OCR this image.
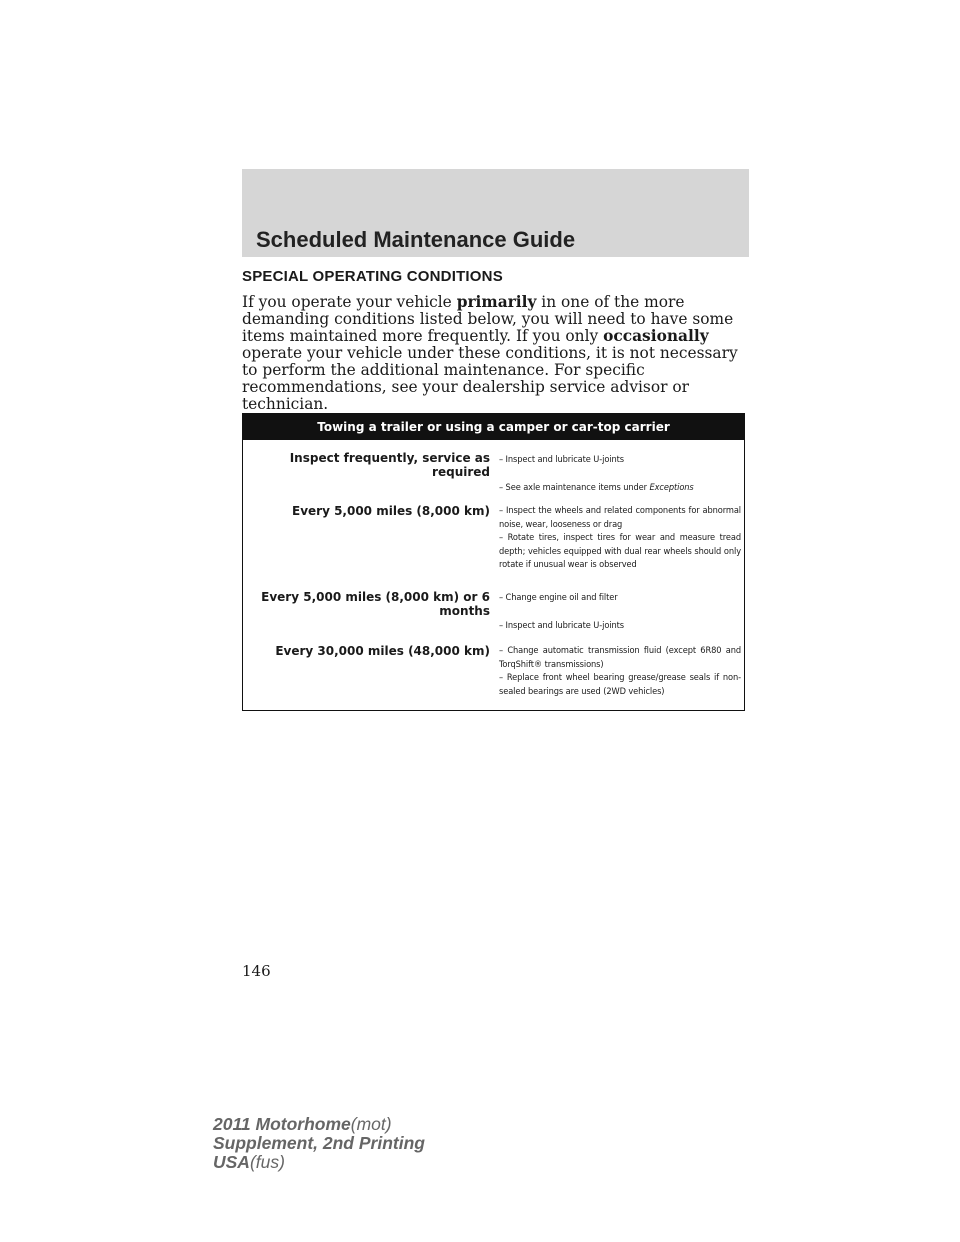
Scheduled Maintenance Guide
SPECIAL OPERATING CONDITIONS

If you operate your vehicle primarily in one of the more demanding conditions listed below, you will need to have some items maintained more frequently. If you only occasionally operate your vehicle under these conditions, it is not necessary to perform the additional maintenance. For specific recommendations, see your dealership service advisor or technician.

Towing a trailer or using a camper or car-top carrier
Inspect frequently, service as required
– Inspect and lubricate U-joints
– See axle maintenance items under Exceptions
Every 5,000 miles (8,000 km) – Inspect the wheels and related components for abnormal noise, wear, looseness or drag
– Rotate tires, inspect tires for wear and measure tread depth; vehicles equipped with dual rear wheels should only rotate if unusual wear is observed
Every 5,000 miles (8,000 km) or 6 months
– Change engine oil and filter
– Inspect and lubricate U-joints
Every 30,000 miles (48,000 km) – Change automatic transmission fluid (except 6R80 and TorqShift® transmissions)
– Replace front wheel bearing grease/grease seals if non-sealed bearings are used (2WD vehicles)
146
2011 Motorhome(mot)
Supplement, 2nd Printing
USA(fus)
